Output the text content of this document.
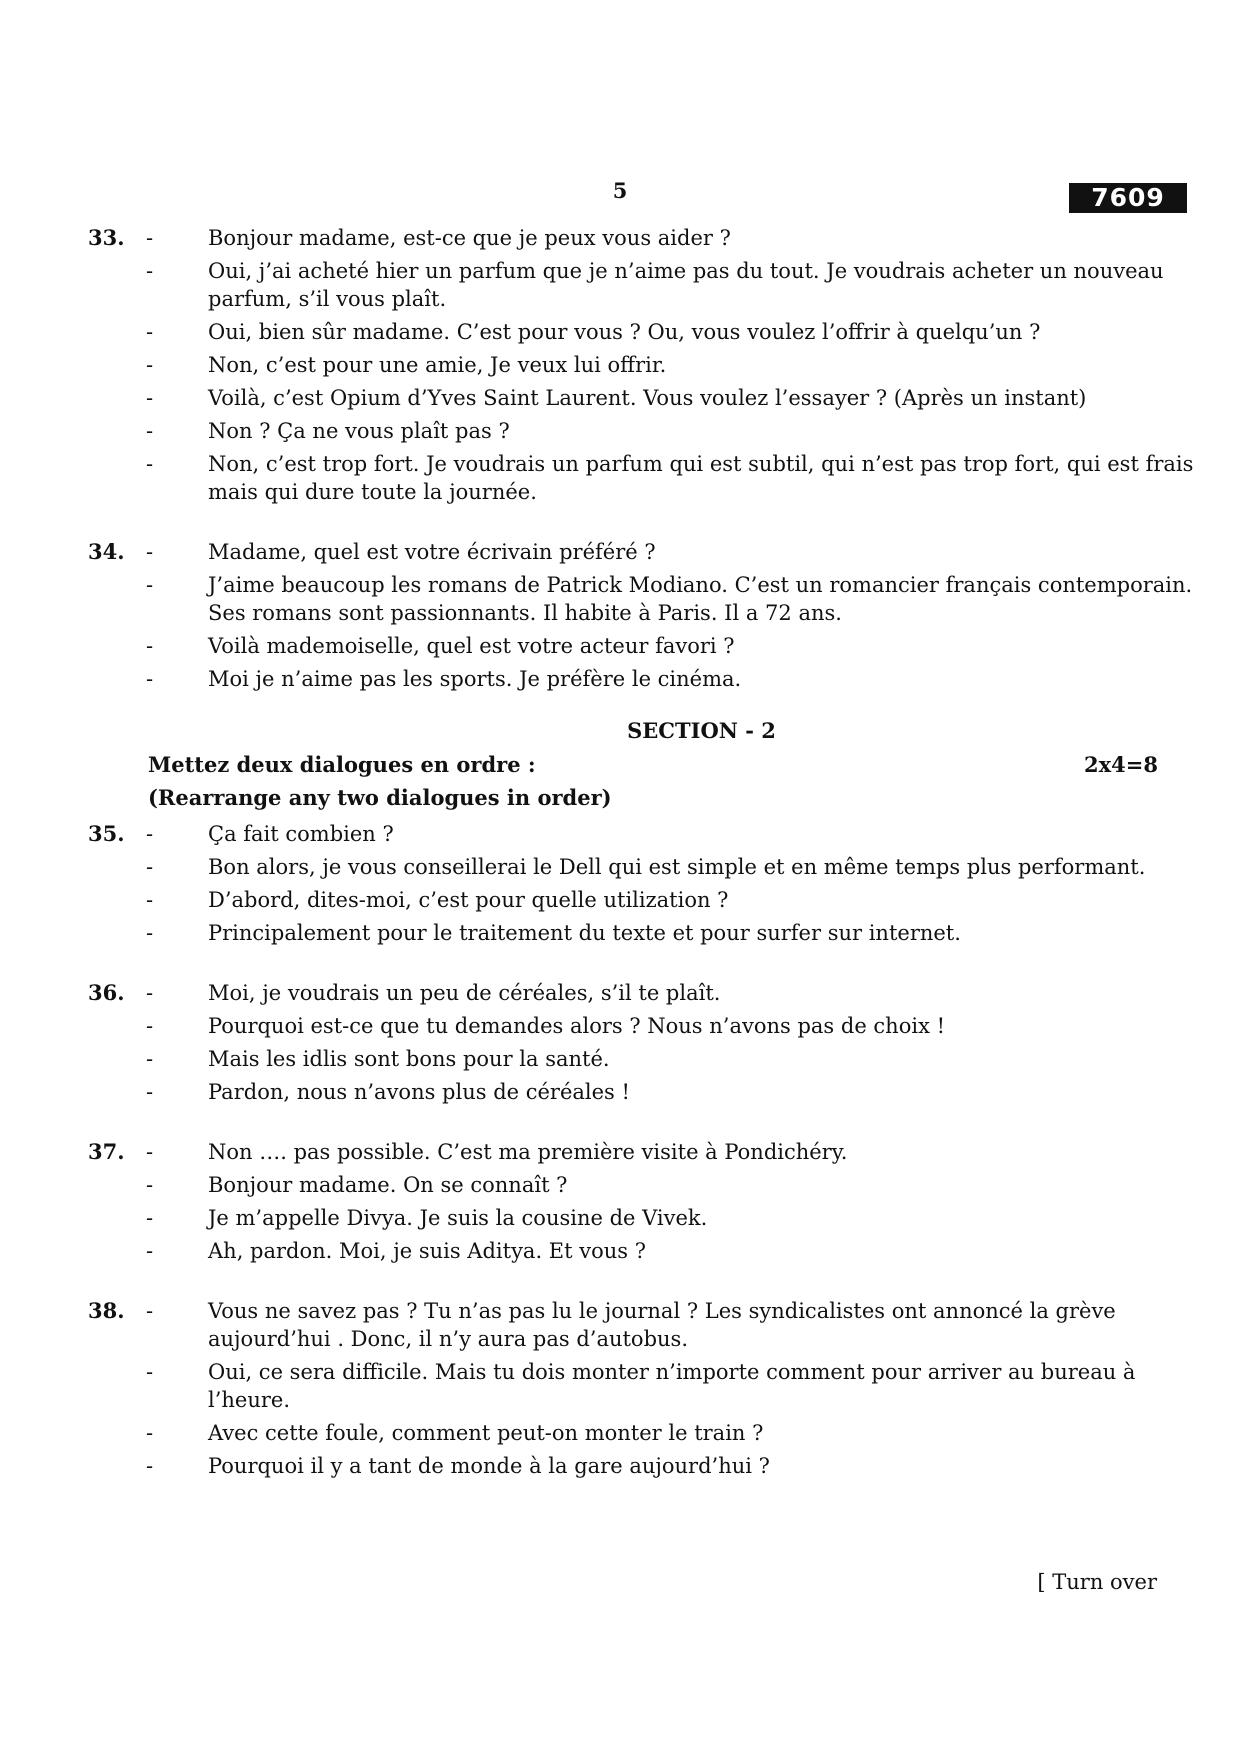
5	7609
33. -	Bonjour madame, est-ce que je peux vous aider ?
-	Oui, j’ai acheté hier un parfum que je n’aime pas du tout. Je voudrais acheter un nouveau parfum, s’il vous plaît.
-	Oui, bien sûr madame. C’est pour vous ? Ou, vous voulez l’offrir à quelqu’un ?
-	Non, c’est pour une amie, Je veux lui offrir.
-	Voilà, c’est Opium d’Yves Saint Laurent. Vous voulez l’essayer ? (Après un instant)
-	Non ? Ça ne vous plaît pas ?
-	Non, c’est trop fort. Je voudrais un parfum qui est subtil, qui n’est pas trop fort, qui est frais mais qui dure toute la journée.
34. -	Madame, quel est votre écrivain préféré ?
-	J’aime beaucoup les romans de Patrick Modiano. C’est un romancier français contemporain. Ses romans sont passionnants. Il habite à Paris. Il a 72 ans.
-	Voilà mademoiselle, quel est votre acteur favori ?
-	Moi je n’aime pas les sports. Je préfère le cinéma.
SECTION - 2
Mettez deux dialogues en ordre :	2x4=8
(Rearrange any two dialogues in order)
35. -	Ça fait combien ?
-	Bon alors, je vous conseillerai le Dell qui est simple et en même temps plus performant.
-	D’abord, dites-moi, c’est pour quelle utilization ?
-	Principalement pour le traitement du texte et pour surfer sur internet.
36. -	Moi, je voudrais un peu de céréales, s’il te plaît.
-	Pourquoi est-ce que tu demandes alors ? Nous n’avons pas de choix !
-	Mais les idlis sont bons pour la santé.
-	Pardon, nous n’avons plus de céréales !
37. -	Non …. pas possible. C’est ma première visite à Pondichéry.
-	Bonjour madame. On se connaît ?
-	Je m’appelle Divya. Je suis la cousine de Vivek.
-	Ah, pardon. Moi, je suis Aditya. Et vous ?
38. -	Vous ne savez pas ? Tu n’as pas lu le journal ? Les syndicalistes ont annoncé la grève aujourd’hui . Donc, il n’y aura pas d’autobus.
-	Oui, ce sera difficile. Mais tu dois monter n’importe comment pour arriver au bureau à l’heure.
-	Avec cette foule, comment peut-on monter le train ?
-	Pourquoi il y a tant de monde à la gare aujourd’hui ?
[ Turn over
